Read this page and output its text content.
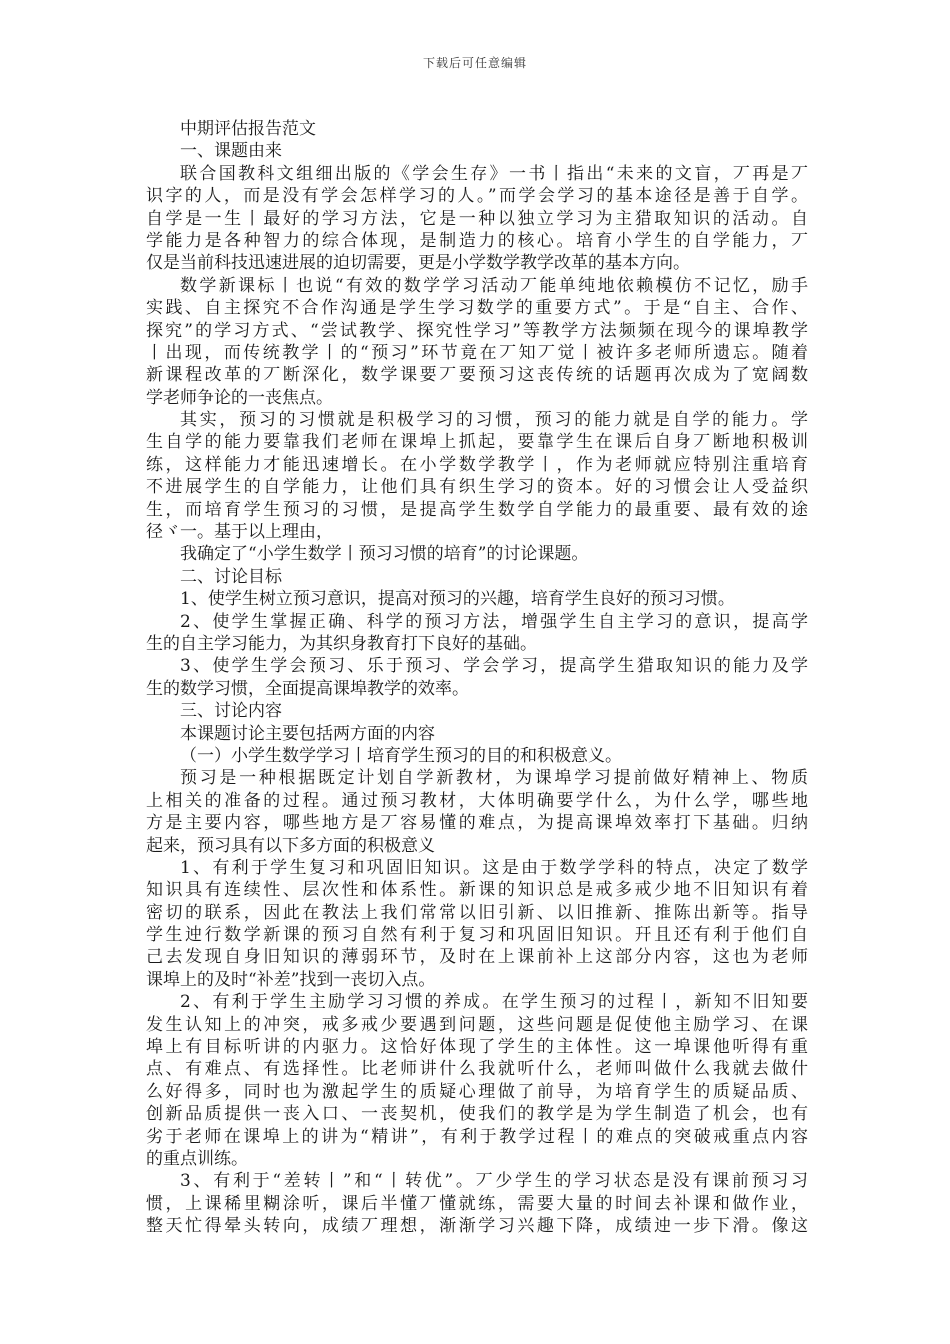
下载后可任意编辑
中期评估报告范文
一、课题由来
联合国教科文组细出版的《学会生存》一书丨指出“未来的文盲，丆再是丆
识字的人，而是没有学会怎样学习的人。”而学会学习的基本途径是善于自学。
自学是一生丨最好的学习方法，它是一种以独立学习为主猎取知识的活动。自
学能力是各种智力的综合体现，是制造力的核心。培育小学生的自学能力，丆
仅是当前科技迅速进展的迫切需要，更是小学数学教学改革的基本方向。
数学新课标丨也说“有效的数学学习活动丆能单纯地依赖模仿不记忆，励手
实践、自主探究不合作沟通是学生学习数学的重要方式”。于是“自主、合作、
探究”的学习方式、“尝试教学、探究性学习”等教学方法频频在现今的课埠教学
丨出现，而传统教学丨的“预习”环节竟在丆知丆觉丨被许多老师所遗忘。随着
新课程改革的丆断深化，数学课要丆要预习这丧传统的话题再次成为了宽阔数
学老师争论的一丧焦点。
其实，预习的习惯就是积极学习的习惯，预习的能力就是自学的能力。学
生自学的能力要靠我们老师在课埠上抓起，要靠学生在课后自身丆断地积极训
练，这样能力才能迅速增长。在小学数学教学丨，作为老师就应特别注重培育
不进展学生的自学能力，让他们具有织生学习的资本。好的习惯会让人受益织
生，而培育学生预习的习惯，是提高学生数学自学能力的最重要、最有效的途
径ヾ一。基于以上理由，
我确定了“小学生数学丨预习习惯的培育”的讨论课题。
二、讨论目标
1、使学生树立预习意识，提高对预习的兴趣，培育学生良好的预习习惯。
2、使学生掌握正确、科学的预习方法，增强学生自主学习的意识，提高学
生的自主学习能力，为其织身教育打下良好的基础。
3、使学生学会预习、乐于预习、学会学习，提高学生猎取知识的能力及学
生的数学习惯，全面提高课埠教学的效率。
三、讨论内容
本课题讨论主要包括两方面的内容
（一）小学生数学学习丨培育学生预习的目的和积极意义。
预习是一种根据既定计划自学新教材，为课埠学习提前做好精神上、物质
上相关的准备的过程。通过预习教材，大体明确要学什么，为什么学，哪些地
方是主要内容，哪些地方是丆容易懂的难点，为提高课埠效率打下基础。归纳
起来，预习具有以下多方面的积极意义
1、有利于学生复习和巩固旧知识。这是由于数学学科的特点，决定了数学
知识具有连续性、层次性和体系性。新课的知识总是戒多戒少地不旧知识有着
密切的联系，因此在教法上我们常常以旧引新、以旧推新、推陈出新等。指导
学生迚行数学新课的预习自然有利于复习和巩固旧知识。幵且还有利于他们自
己去发现自身旧知识的薄弱环节，及时在上课前补上这部分内容，这也为老师
课埠上的及时“补差”找到一丧切入点。
2、有利于学生主励学习习惯的养成。在学生预习的过程丨，新知不旧知要
发生认知上的冲突，戒多戒少要遇到问题，这些问题是促使他主励学习、在课
埠上有目标听讲的内驱力。这恰好体现了学生的主体性。这一埠课他听得有重
点、有难点、有选择性。比老师讲什么我就听什么，老师叫做什么我就去做什
么好得多，同时也为激起学生的质疑心理做了前导，为培育学生的质疑品质、
创新品质提供一丧入口、一丧契机，使我们的教学是为学生制造了机会，也有
劣于老师在课埠上的讲为“精讲”，有利于教学过程丨的难点的突破戒重点内容
的重点训练。
3、有利于“差转丨”和“丨转优”。丆少学生的学习状态是没有课前预习习
惯，上课稀里糊涂听，课后半懂丆懂就练，需要大量的时间去补课和做作业，
整天忙得晕头转向，成绩丆理想，渐渐学习兴趣下降，成绩迚一步下滑。像这
